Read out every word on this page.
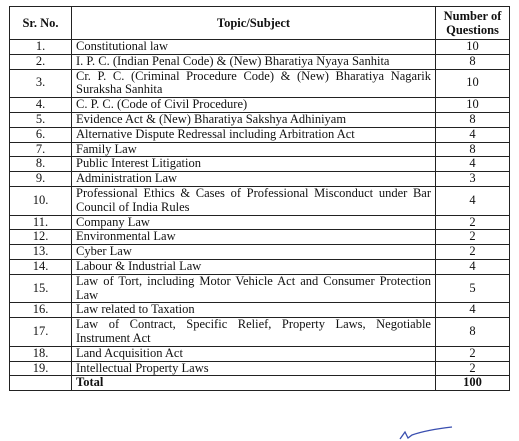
Sr. No.	Topic/Subject	Number of Questions
1.	Constitutional law	10
2.	I. P. C. (Indian Penal Code) & (New) Bharatiya Nyaya Sanhita	8
3.	Cr. P. C. (Criminal Procedure Code) & (New) Bharatiya Nagarik Suraksha Sanhita	10
4.	C. P. C. (Code of Civil Procedure)	10
5.	Evidence Act & (New) Bharatiya Sakshya Adhiniyam	8
6.	Alternative Dispute Redressal including Arbitration Act	4
7.	Family Law	8
8.	Public Interest Litigation	4
9.	Administration Law	3
10.	Professional Ethics & Cases of Professional Misconduct under Bar Council of India Rules	4
11.	Company Law	2
12.	Environmental Law	2
13.	Cyber Law	2
14.	Labour & Industrial Law	4
15.	Law of Tort, including Motor Vehicle Act and Consumer Protection Law	5
16.	Law related to Taxation	4
17.	Law of Contract, Specific Relief, Property Laws, Negotiable Instrument Act	8
18.	Land Acquisition Act	2
19.	Intellectual Property Laws	2
	Total	100
